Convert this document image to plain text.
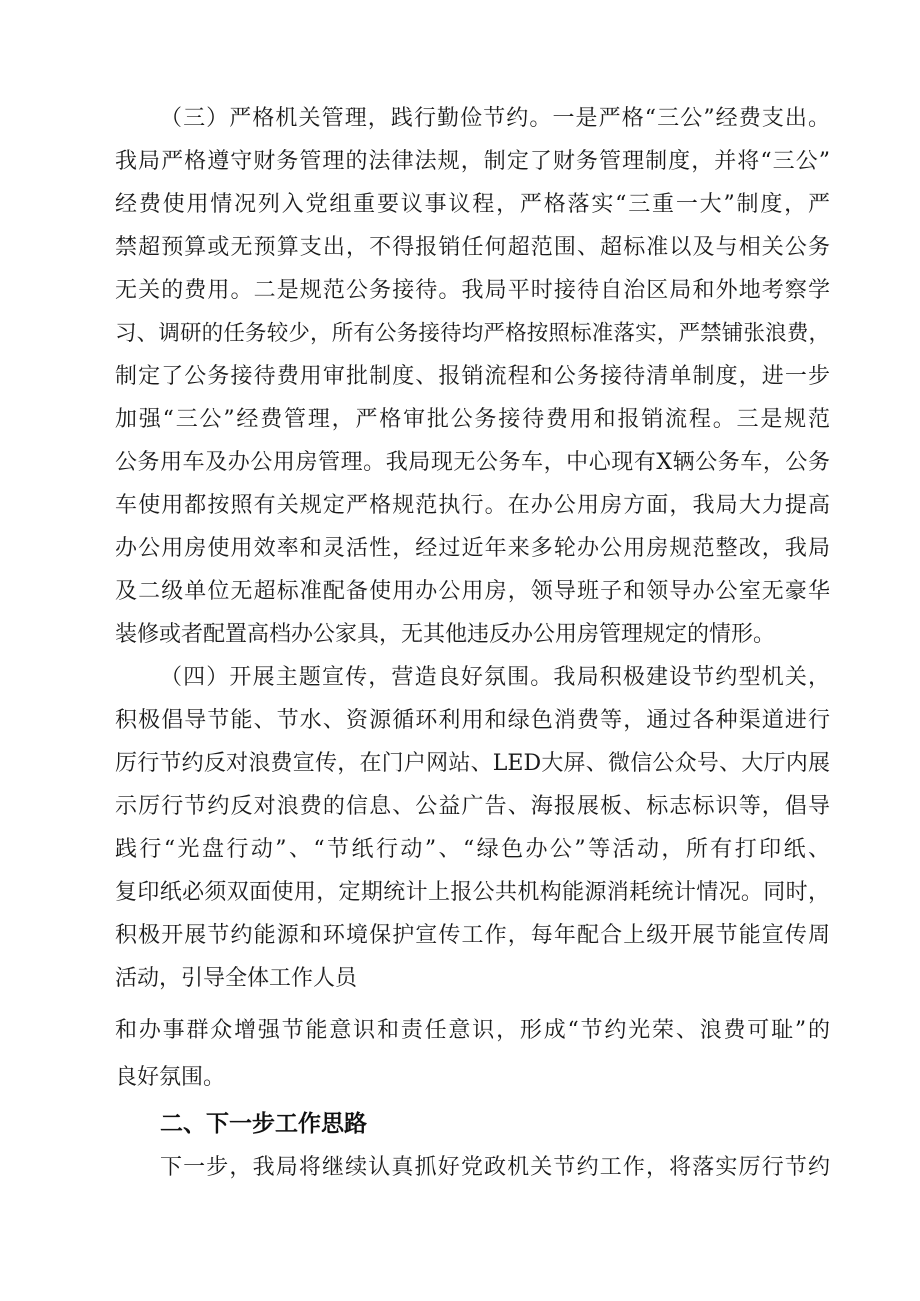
（三）严格机关管理，践行勤俭节约。一是严格“三公”经费支出。
我局严格遵守财务管理的法律法规，制定了财务管理制度，并将“三公”
经费使用情况列入党组重要议事议程，严格落实“三重一大”制度，严
禁超预算或无预算支出，不得报销任何超范围、超标准以及与相关公务
无关的费用。二是规范公务接待。我局平时接待自治区局和外地考察学
习、调研的任务较少，所有公务接待均严格按照标准落实，严禁铺张浪费，
制定了公务接待费用审批制度、报销流程和公务接待清单制度，进一步
加强“三公”经费管理，严格审批公务接待费用和报销流程。三是规范
公务用车及办公用房管理。我局现无公务车，中心现有X辆公务车，公务
车使用都按照有关规定严格规范执行。在办公用房方面，我局大力提高
办公用房使用效率和灵活性，经过近年来多轮办公用房规范整改，我局
及二级单位无超标准配备使用办公用房，领导班子和领导办公室无豪华
装修或者配置高档办公家具，无其他违反办公用房管理规定的情形。
（四）开展主题宣传，营造良好氛围。我局积极建设节约型机关，
积极倡导节能、节水、资源循环利用和绿色消费等，通过各种渠道进行
厉行节约反对浪费宣传，在门户网站、LED大屏、微信公众号、大厅内展
示厉行节约反对浪费的信息、公益广告、海报展板、标志标识等，倡导
践行“光盘行动”、“节纸行动”、“绿色办公”等活动，所有打印纸、
复印纸必须双面使用，定期统计上报公共机构能源消耗统计情况。同时，
积极开展节约能源和环境保护宣传工作，每年配合上级开展节能宣传周
活动，引导全体工作人员
和办事群众增强节能意识和责任意识，形成“节约光荣、浪费可耻”的
良好氛围。
二、下一步工作思路
下一步，我局将继续认真抓好党政机关节约工作，将落实厉行节约
